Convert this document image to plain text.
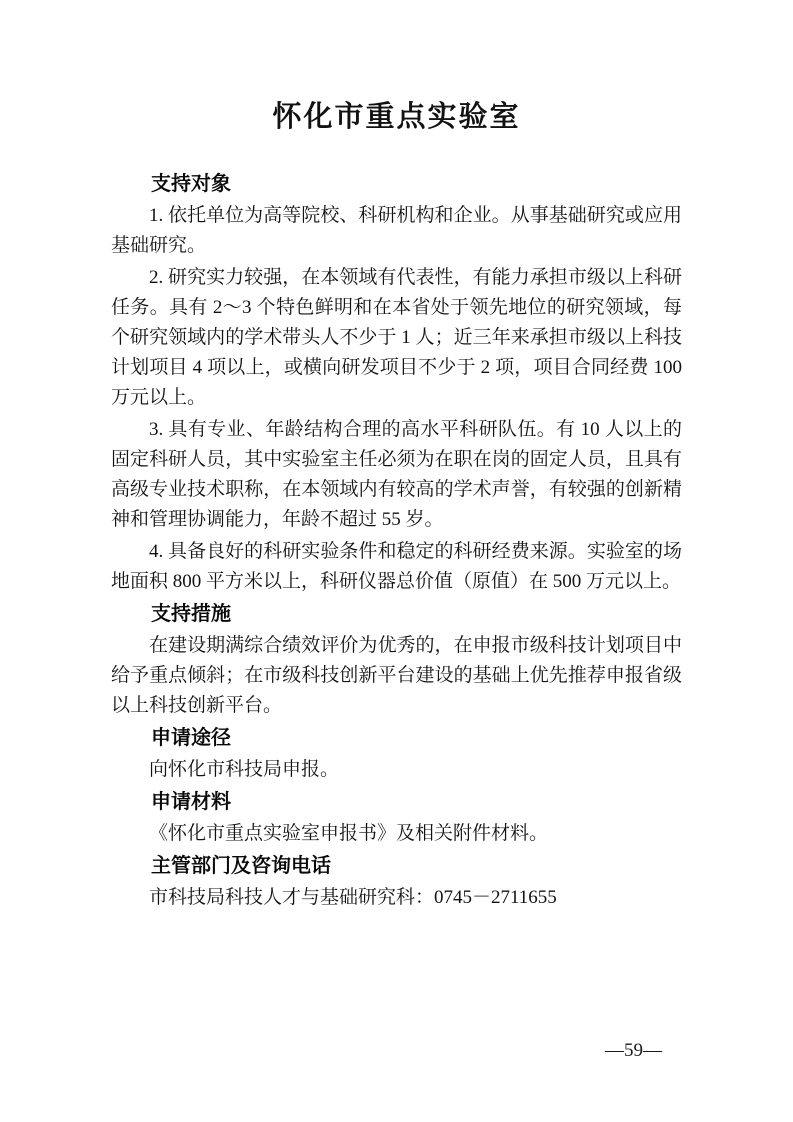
怀化市重点实验室
支持对象

1. 依托单位为高等院校、科研机构和企业。从事基础研究或应用基础研究。

2. 研究实力较强，在本领域有代表性，有能力承担市级以上科研任务。具有 2～3 个特色鲜明和在本省处于领先地位的研究领域，每个研究领域内的学术带头人不少于 1 人；近三年来承担市级以上科技计划项目 4 项以上，或横向研发项目不少于 2 项，项目合同经费 100 万元以上。

3. 具有专业、年龄结构合理的高水平科研队伍。有 10 人以上的固定科研人员，其中实验室主任必须为在职在岗的固定人员，且具有高级专业技术职称，在本领域内有较高的学术声誉，有较强的创新精神和管理协调能力，年龄不超过 55 岁。

4. 具备良好的科研实验条件和稳定的科研经费来源。实验室的场地面积 800 平方米以上，科研仪器总价值（原值）在 500 万元以上。

支持措施

在建设期满综合绩效评价为优秀的，在申报市级科技计划项目中给予重点倾斜；在市级科技创新平台建设的基础上优先推荐申报省级以上科技创新平台。

申请途径

向怀化市科技局申报。

申请材料

《怀化市重点实验室申报书》及相关附件材料。

主管部门及咨询电话

市科技局科技人才与基础研究科：0745－2711655

—59—
